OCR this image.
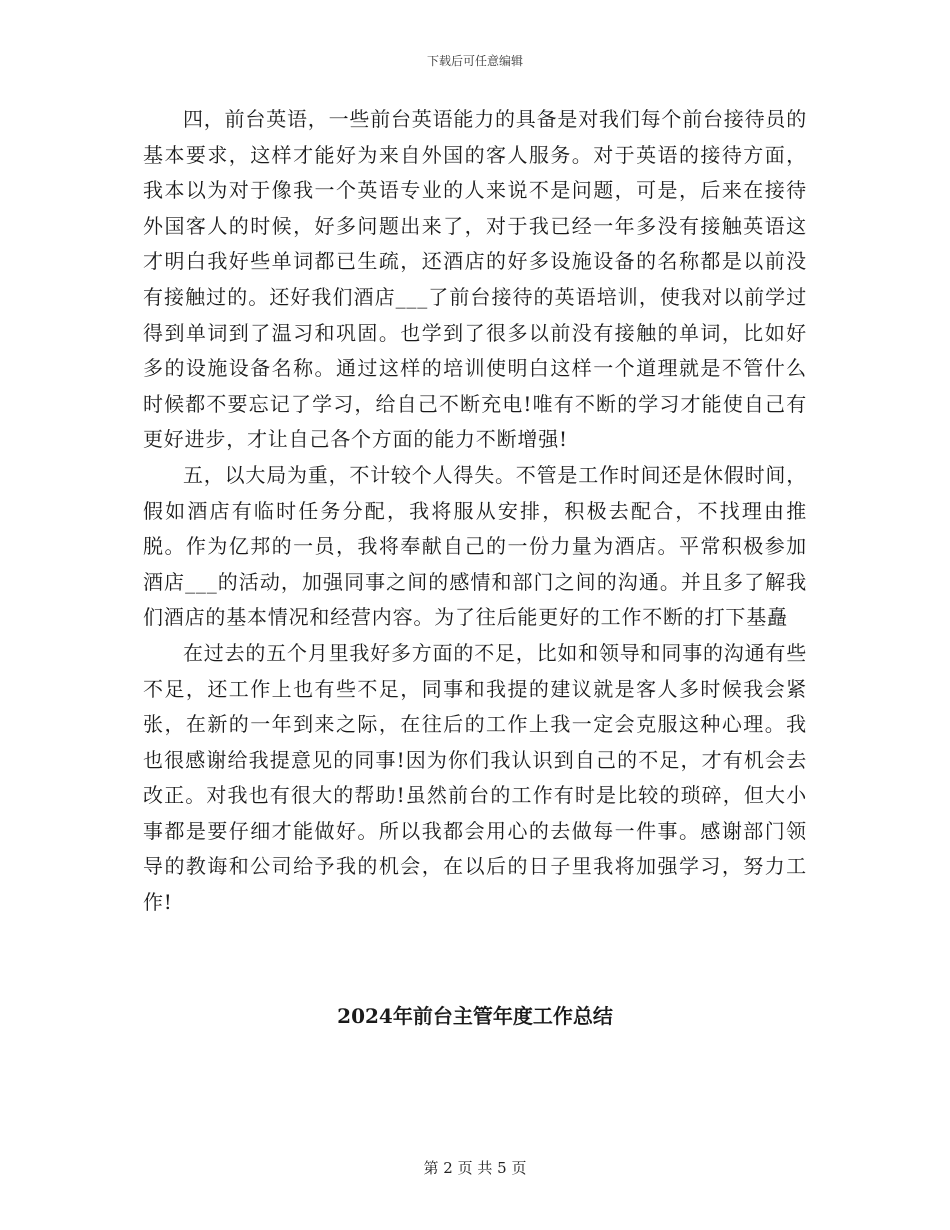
下载后可任意编辑

四，前台英语，一些前台英语能力的具备是对我们每个前台接待员的基本要求，这样才能好为来自外国的客人服务。对于英语的接待方面，我本以为对于像我一个英语专业的人来说不是问题，可是，后来在接待外国客人的时候，好多问题出来了，对于我已经一年多没有接触英语这才明白我好些单词都已生疏，还酒店的好多设施设备的名称都是以前没有接触过的。还好我们酒店___了前台接待的英语培训，使我对以前学过得到单词到了温习和巩固。也学到了很多以前没有接触的单词，比如好多的设施设备名称。通过这样的培训使明白这样一个道理就是不管什么时候都不要忘记了学习，给自己不断充电!唯有不断的学习才能使自己有更好进步，才让自己各个方面的能力不断增强!

五，以大局为重，不计较个人得失。不管是工作时间还是休假时间，假如酒店有临时任务分配，我将服从安排，积极去配合，不找理由推脱。作为亿邦的一员，我将奉献自己的一份力量为酒店。平常积极参加酒店___的活动，加强同事之间的感情和部门之间的沟通。并且多了解我们酒店的基本情况和经营内容。为了往后能更好的工作不断的打下基矗

在过去的五个月里我好多方面的不足，比如和领导和同事的沟通有些不足，还工作上也有些不足，同事和我提的建议就是客人多时候我会紧张，在新的一年到来之际，在往后的工作上我一定会克服这种心理。我也很感谢给我提意见的同事!因为你们我认识到自己的不足，才有机会去改正。对我也有很大的帮助!虽然前台的工作有时是比较的琐碎，但大小事都是要仔细才能做好。所以我都会用心的去做每一件事。感谢部门领导的教诲和公司给予我的机会，在以后的日子里我将加强学习，努力工作!

2024年前台主管年度工作总结
第 2 页 共 5 页
